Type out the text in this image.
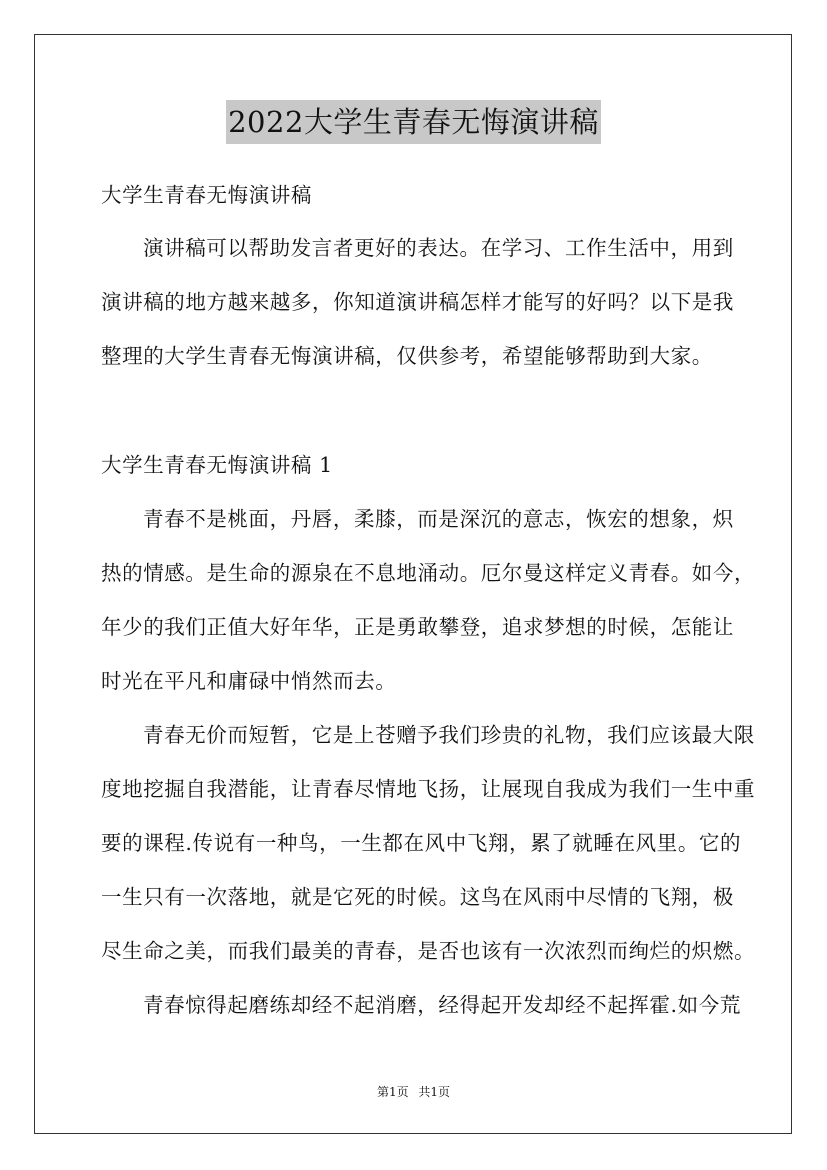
2022大学生青春无悔演讲稿
大学生青春无悔演讲稿
演讲稿可以帮助发言者更好的表达。在学习、工作生活中，用到
演讲稿的地方越来越多，你知道演讲稿怎样才能写的好吗？以下是我
整理的大学生青春无悔演讲稿，仅供参考，希望能够帮助到大家。
大学生青春无悔演讲稿 1
青春不是桃面，丹唇，柔膝，而是深沉的意志，恢宏的想象，炽
热的情感。是生命的源泉在不息地涌动。厄尔曼这样定义青春。如今，
年少的我们正值大好年华，正是勇敢攀登，追求梦想的时候，怎能让
时光在平凡和庸碌中悄然而去。
青春无价而短暂，它是上苍赠予我们珍贵的礼物，我们应该最大限
度地挖掘自我潜能，让青春尽情地飞扬，让展现自我成为我们一生中重
要的课程.传说有一种鸟，一生都在风中飞翔，累了就睡在风里。它的
一生只有一次落地，就是它死的时候。这鸟在风雨中尽情的飞翔，极
尽生命之美，而我们最美的青春，是否也该有一次浓烈而绚烂的炽燃。
青春惊得起磨练却经不起消磨，经得起开发却经不起挥霍.如今荒
第1页 共1页
